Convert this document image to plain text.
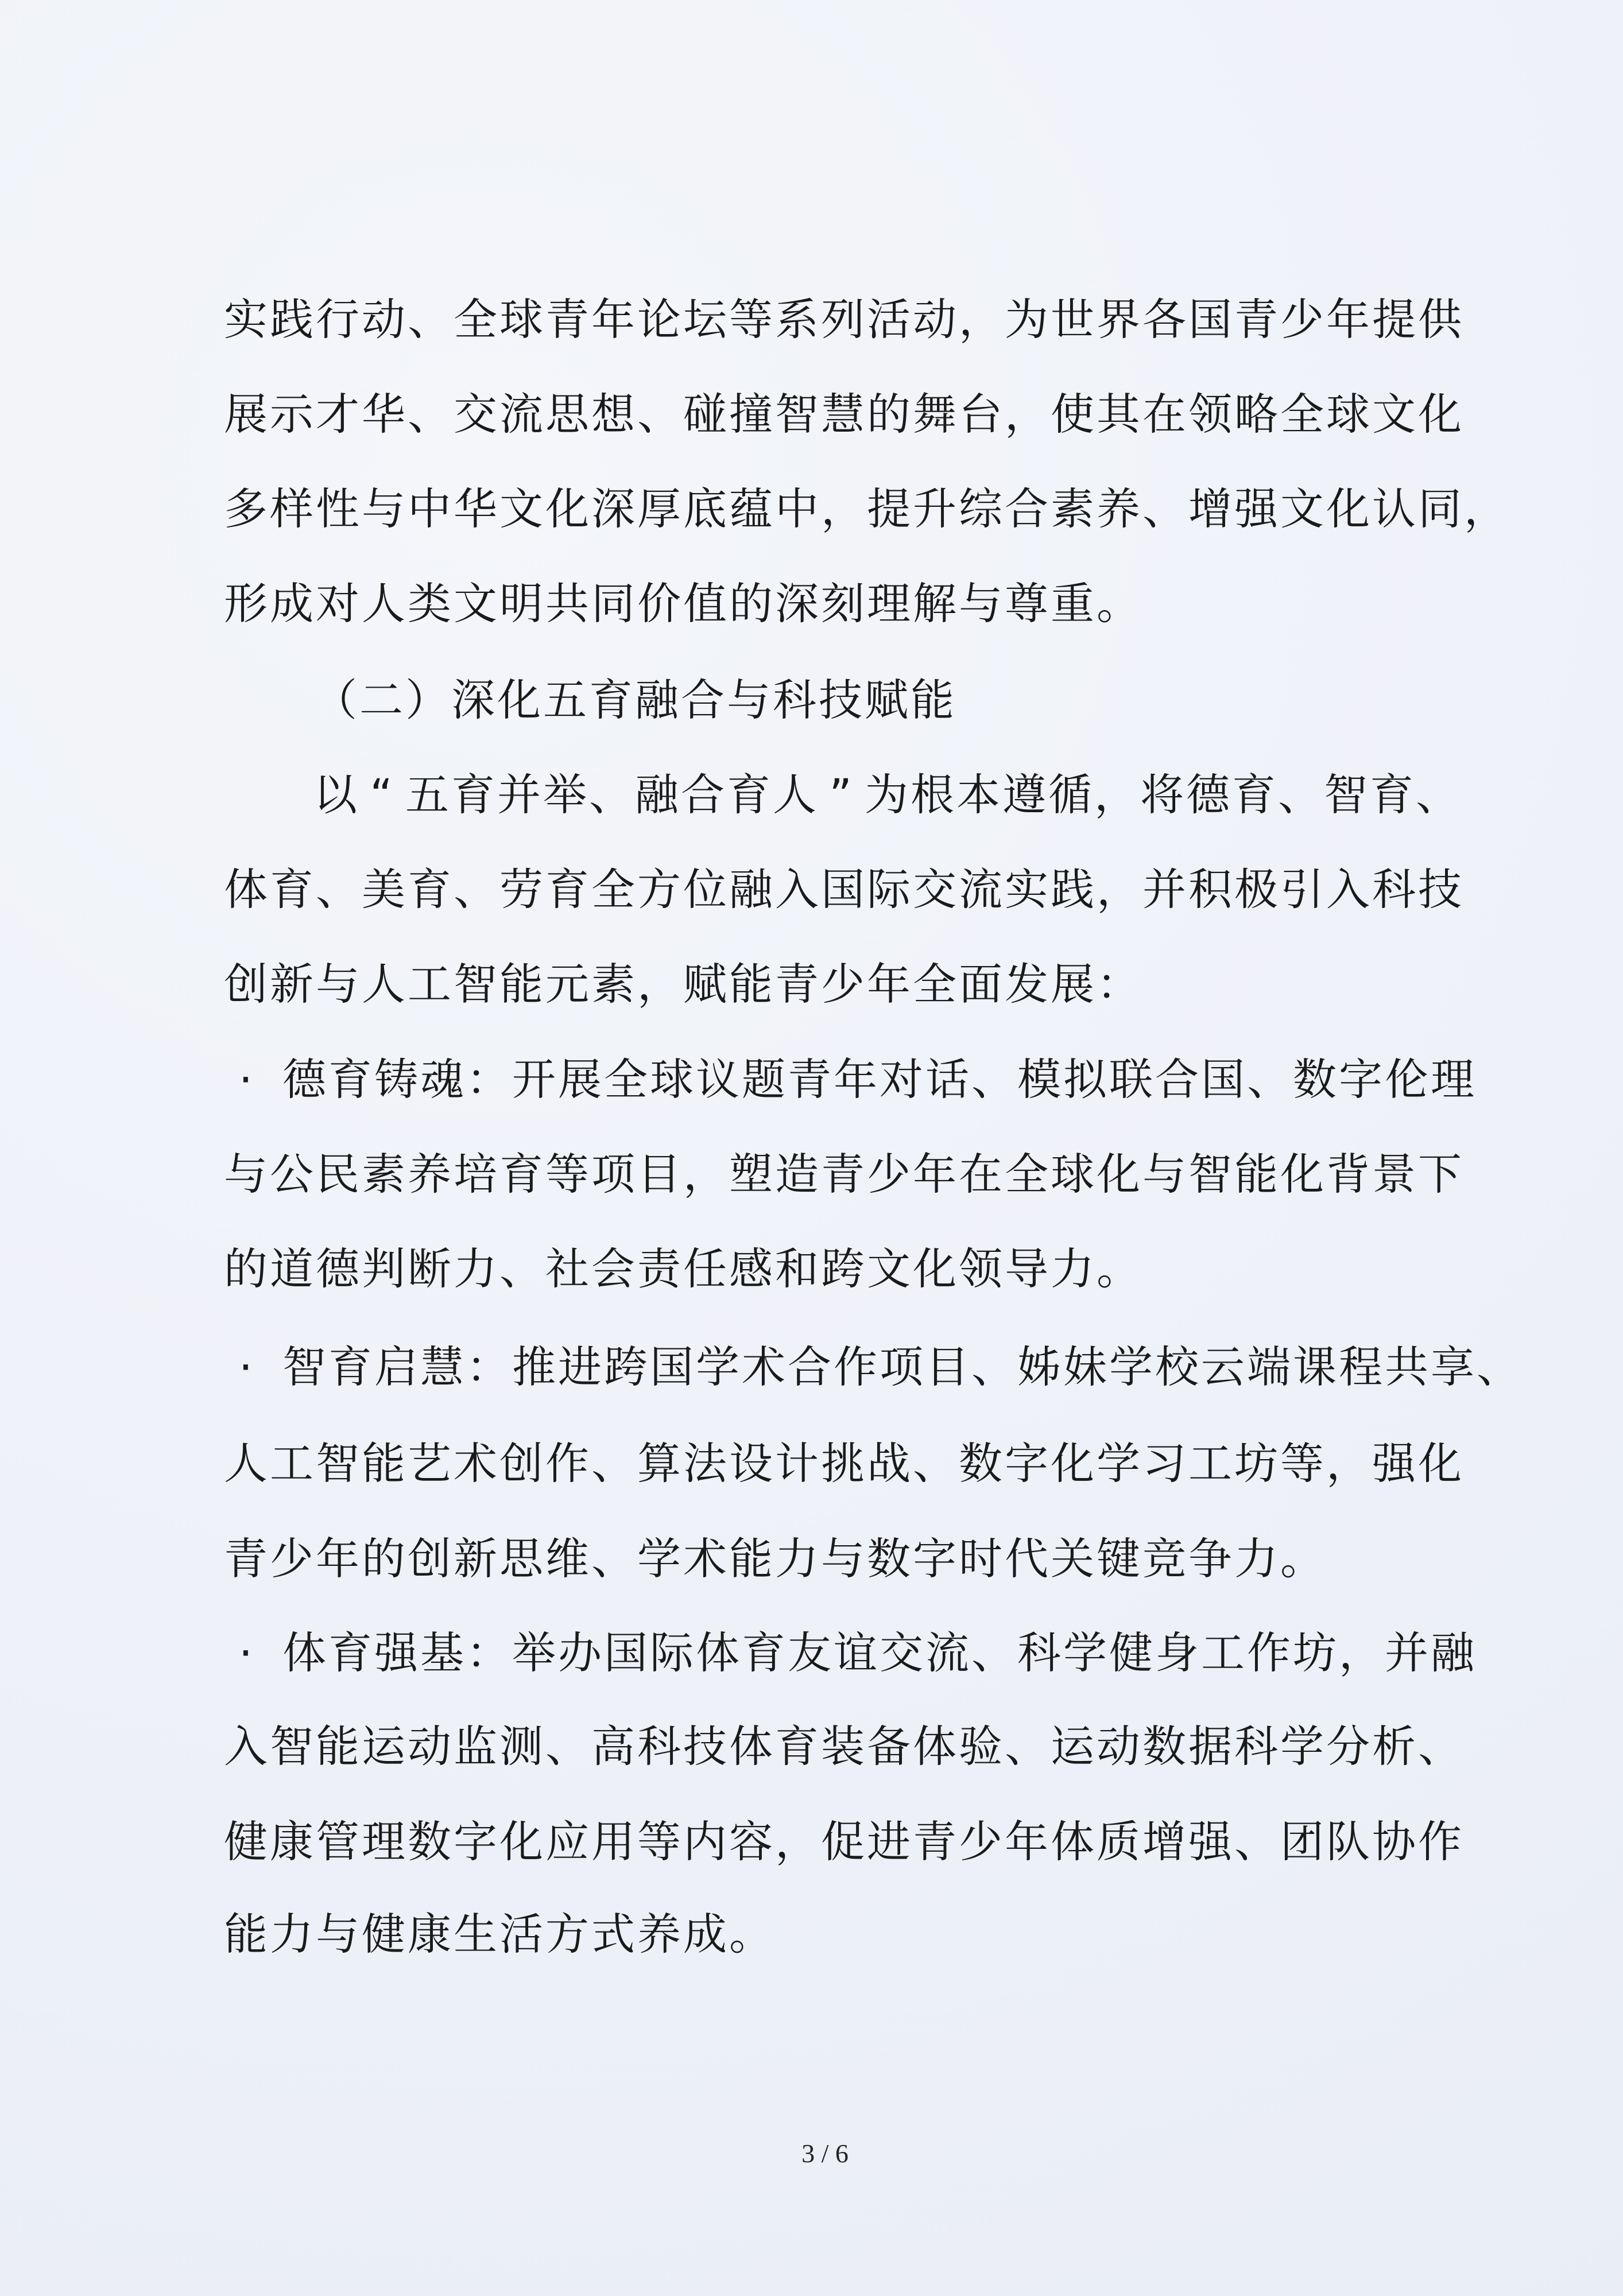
实践行动、全球青年论坛等系列活动，为世界各国青少年提供
展示才华、交流思想、碰撞智慧的舞台，使其在领略全球文化
多样性与中华文化深厚底蕴中，提升综合素养、增强文化认同，
形成对人类文明共同价值的深刻理解与尊重。
（二）深化五育融合与科技赋能
以 “ 五育并举、融合育人 ” 为根本遵循，将德育、智育、
体育、美育、劳育全方位融入国际交流实践，并积极引入科技
创新与人工智能元素，赋能青少年全面发展：
· 德育铸魂：开展全球议题青年对话、模拟联合国、数字伦理
与公民素养培育等项目，塑造青少年在全球化与智能化背景下
的道德判断力、社会责任感和跨文化领导力。
· 智育启慧：推进跨国学术合作项目、姊妹学校云端课程共享、
人工智能艺术创作、算法设计挑战、数字化学习工坊等，强化
青少年的创新思维、学术能力与数字时代关键竞争力。
· 体育强基：举办国际体育友谊交流、科学健身工作坊，并融
入智能运动监测、高科技体育装备体验、运动数据科学分析、
健康管理数字化应用等内容，促进青少年体质增强、团队协作
能力与健康生活方式养成。
3 / 6
